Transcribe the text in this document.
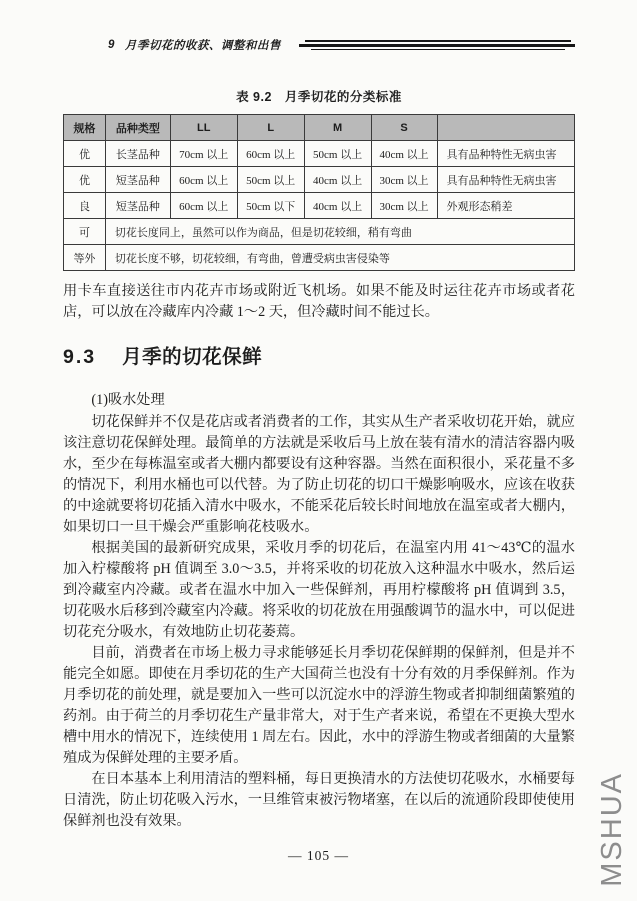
9 月季切花的收获、调整和出售
表 9.2　月季切花的分类标准
规格	品种类型	LL	L	M	S	
优	长茎品种	70cm 以上	60cm 以上	50cm 以上	40cm 以上	具有品种特性无病虫害
优	短茎品种	60cm 以上	50cm 以上	40cm 以上	30cm 以上	具有品种特性无病虫害
良	短茎品种	60cm 以上	50cm 以下	40cm 以上	30cm 以上	外观形态稍差
可	切花长度同上，虽然可以作为商品，但是切花较细，稍有弯曲					
等外	切花长度不够，切花较细，有弯曲，曾遭受病虫害侵染等					

用卡车直接送往市内花卉市场或附近飞机场。如果不能及时运往花卉市场或者花店，可以放在冷藏库内冷藏 1～2 天，但冷藏时间不能过长。

9.3 月季的切花保鲜

(1)吸水处理

切花保鲜并不仅是花店或者消费者的工作，其实从生产者采收切花开始，就应该注意切花保鲜处理。最简单的方法就是采收后马上放在装有清水的清洁容器内吸水，至少在每栋温室或者大棚内都要设有这种容器。当然在面积很小，采花量不多的情况下，利用水桶也可以代替。为了防止切花的切口干燥影响吸水，应该在收获的中途就要将切花插入清水中吸水，不能采花后较长时间地放在温室或者大棚内，如果切口一旦干燥会严重影响花枝吸水。

根据美国的最新研究成果，采收月季的切花后，在温室内用 41～43℃的温水加入柠檬酸将 pH 值调至 3.0～3.5，并将采收的切花放入这种温水中吸水，然后运到冷藏室内冷藏。或者在温水中加入一些保鲜剂，再用柠檬酸将 pH 值调到 3.5，切花吸水后移到冷藏室内冷藏。将采收的切花放在用强酸调节的温水中，可以促进切花充分吸水，有效地防止切花萎蔫。

目前，消费者在市场上极力寻求能够延长月季切花保鲜期的保鲜剂，但是并不能完全如愿。即使在月季切花的生产大国荷兰也没有十分有效的月季保鲜剂。作为月季切花的前处理，就是要加入一些可以沉淀水中的浮游生物或者抑制细菌繁殖的药剂。由于荷兰的月季切花生产量非常大，对于生产者来说，希望在不更换大型水槽中用水的情况下，连续使用 1 周左右。因此，水中的浮游生物或者细菌的大量繁殖成为保鲜处理的主要矛盾。

在日本基本上利用清洁的塑料桶，每日更换清水的方法使切花吸水，水桶要每日清洗，防止切花吸入污水，一旦维管束被污物堵塞，在以后的流通阶段即使使用保鲜剂也没有效果。

— 105 —	MSHUA
